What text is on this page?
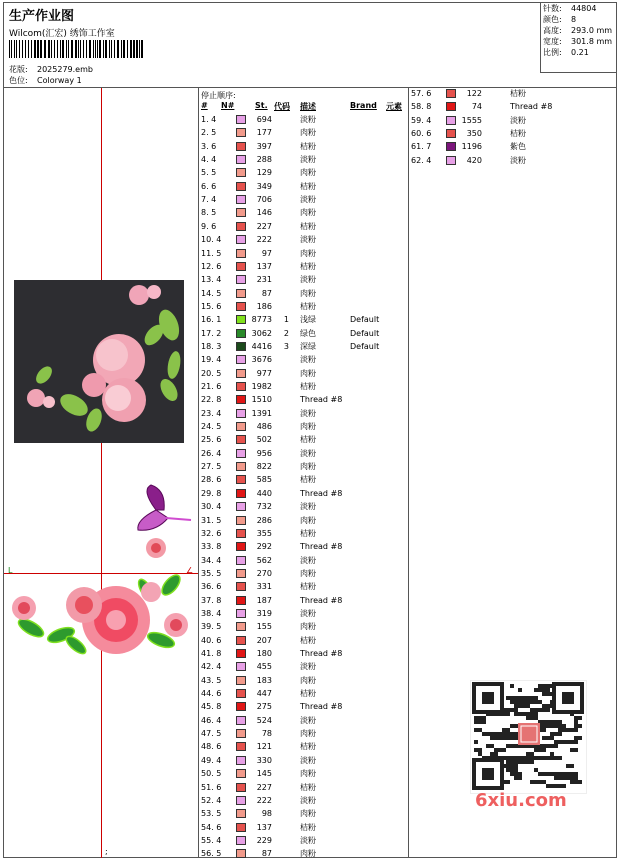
生产作业图
Wilcom(汇宏) 绣饰工作室
花版: 2025279.emb
色位: Colorway 1
针数: 44804
颜色: 8
高度: 293.0 mm
宽度: 301.8 mm
比例: 0.21
L	∠
;
停止顺序:
# N#	St. 代码 描述	Brand 元素
1. 4	694	淡粉
2. 5	177	肉粉
3. 6	397	桔粉
4. 4	288	淡粉
5. 5	129	肉粉
6. 6	349	桔粉
7. 4	706	淡粉
8. 5	146	肉粉
9. 6	227	桔粉
10. 4	222	淡粉
11. 5	97	肉粉
12. 6	137	桔粉
13. 4	231	淡粉
14. 5	87	肉粉
15. 6	186	桔粉
16. 1	8773	1 浅绿	Default
17. 2	3062	2 绿色	Default
18. 3	4416	3 深绿	Default
19. 4	3676	淡粉
20. 5	977	肉粉
21. 6	1982	桔粉
22. 8	1510	Thread #8
23. 4	1391	淡粉
24. 5	486	肉粉
25. 6	502	桔粉
26. 4	956	淡粉
27. 5	822	肉粉
28. 6	585	桔粉
29. 8	440	Thread #8
30. 4	732	淡粉
31. 5	286	肉粉
32. 6	355	桔粉
33. 8	292	Thread #8
34. 4	562	淡粉
35. 5	270	肉粉
36. 6	331	桔粉
37. 8	187	Thread #8
38. 4	319	淡粉
39. 5	155	肉粉
40. 6	207	桔粉
41. 8	180	Thread #8
42. 4	455	淡粉
43. 5	183	肉粉
44. 6	447	桔粉
45. 8	275	Thread #8
46. 4	524	淡粉
47. 5	78	肉粉
48. 6	121	桔粉
49. 4	330	淡粉
50. 5	145	肉粉
51. 6	227	桔粉
52. 4	222	淡粉
53. 5	98	肉粉
54. 6	137	桔粉
55. 4	229	淡粉
56. 5	87	肉粉
57. 6	122	桔粉
58. 8	74	Thread #8
59. 4	1555	淡粉
60. 6	350	桔粉
61. 7	1196	紫色
62. 4	420	淡粉
6xiu.com
